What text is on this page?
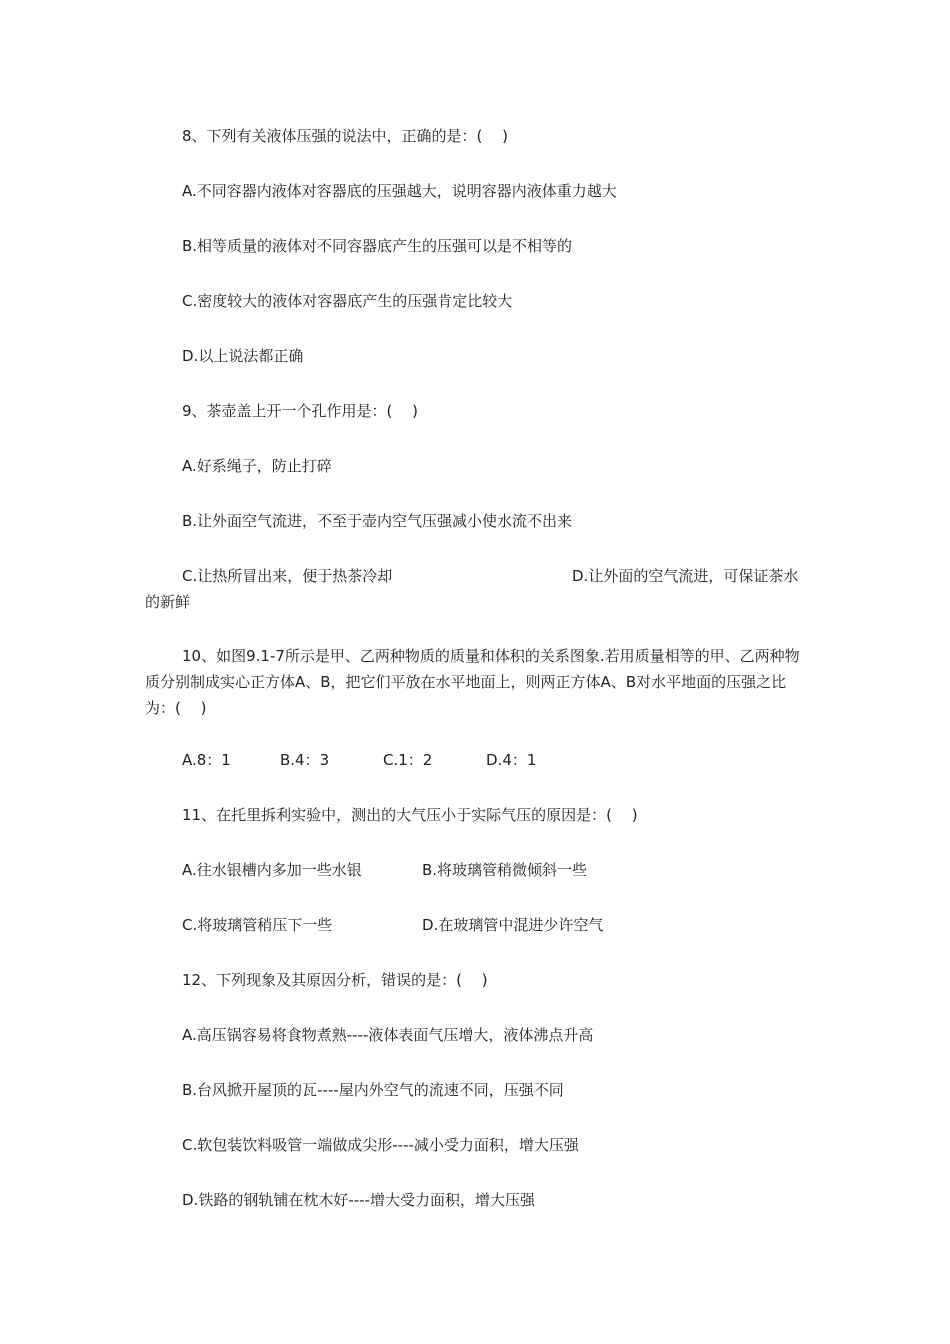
8、下列有关液体压强的说法中，正确的是：(　 )
A.不同容器内液体对容器底的压强越大，说明容器内液体重力越大
B.相等质量的液体对不同容器底产生的压强可以是不相等的
C.密度较大的液体对容器底产生的压强肯定比较大
D.以上说法都正确
9、茶壶盖上开一个孔作用是：(　 )
A.好系绳子，防止打碎
B.让外面空气流进，不至于壶内空气压强减小使水流不出来
C.让热所冒出来，便于热茶冷却	D.让外面的空气流进，可保证茶水的新鲜
10、如图9.1-7所示是甲、乙两种物质的质量和体积的关系图象.若用质量相等的甲、乙两种物质分别制成实心正方体A、B，把它们平放在水平地面上，则两正方体A、B对水平地面的压强之比为：(　 )
A.8：1	B.4：3	C.1：2	D.4：1
11、在托里拆利实验中，测出的大气压小于实际气压的原因是：(　 )
A.往水银槽内多加一些水银	B.将玻璃管稍微倾斜一些
C.将玻璃管稍压下一些	D.在玻璃管中混进少许空气
12、下列现象及其原因分析，错误的是：(　 )
A.高压锅容易将食物煮熟----液体表面气压增大，液体沸点升高
B.台风掀开屋顶的瓦----屋内外空气的流速不同，压强不同
C.软包装饮料吸管一端做成尖形----减小受力面积，增大压强
D.铁路的钢轨铺在枕木好----增大受力面积，增大压强
